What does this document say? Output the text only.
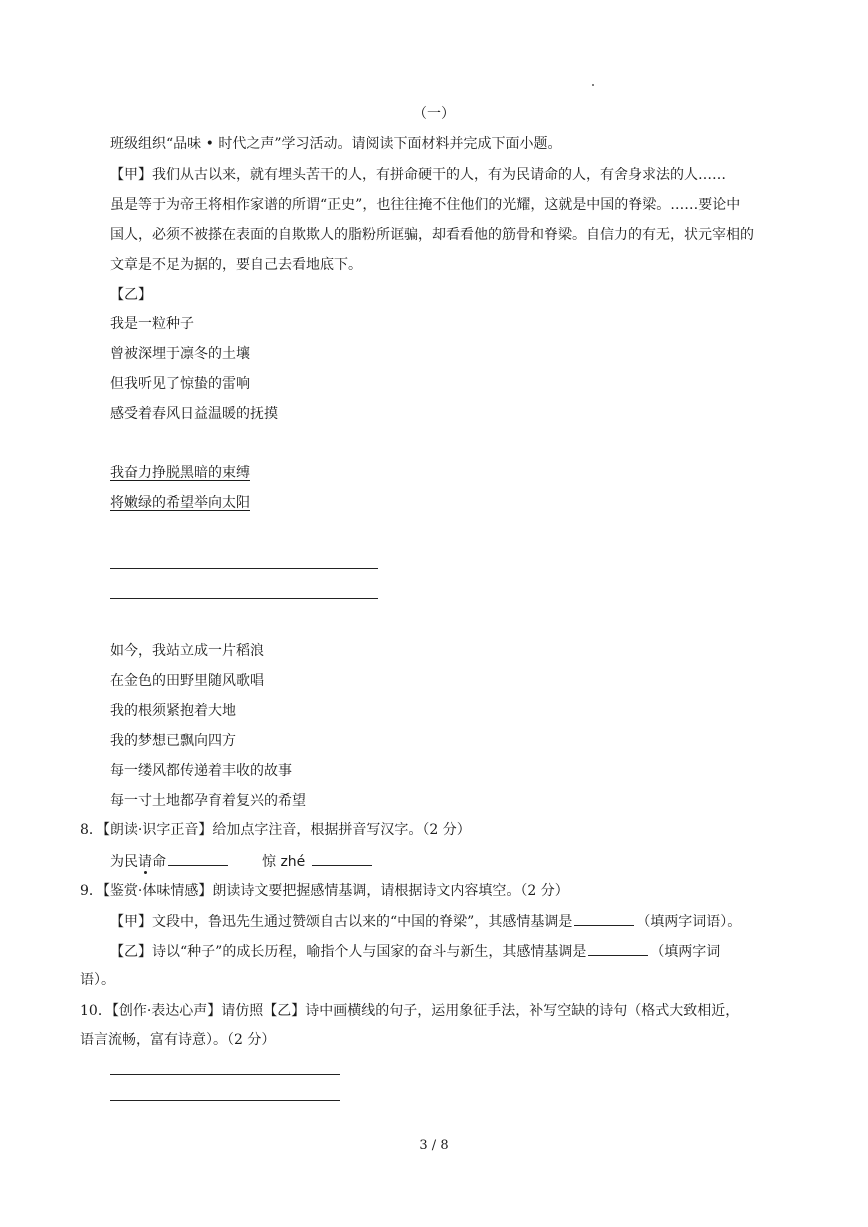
（一）
班级组织“品味 • 时代之声”学习活动。请阅读下面材料并完成下面小题。
【甲】我们从古以来，就有埋头苦干的人，有拼命硬干的人，有为民请命的人，有舍身求法的人……
虽是等于为帝王将相作家谱的所谓“正史”，也往往掩不住他们的光耀，这就是中国的脊梁。……要论中
国人，必须不被搽在表面的自欺欺人的脂粉所诓骗，却看看他的筋骨和脊梁。自信力的有无，状元宰相的
文章是不足为据的，要自己去看地底下。
【乙】
我是一粒种子
曾被深埋于凛冬的土壤
但我听见了惊蛰的雷响
感受着春风日益温暖的抚摸
我奋力挣脱黑暗的束缚
将嫩绿的希望举向太阳
如今，我站立成一片稻浪
在金色的田野里随风歌唱
我的根须紧抱着大地
我的梦想已飘向四方
每一缕风都传递着丰收的故事
每一寸土地都孕育着复兴的希望
8．【朗读·识字正音】给加点字注音，根据拼音写汉字。（2 分）
为民请命	惊 zhé
9．【鉴赏·体味情感】朗读诗文要把握感情基调，请根据诗文内容填空。（2 分）
【甲】文段中，鲁迅先生通过赞颂自古以来的“中国的脊梁”，其感情基调是	（填两字词语）。
【乙】诗以“种子”的成长历程，喻指个人与国家的奋斗与新生，其感情基调是	（填两字词
语）。
10．【创作·表达心声】请仿照【乙】诗中画横线的句子，运用象征手法，补写空缺的诗句（格式大致相近，
语言流畅，富有诗意）。（2 分）
3 / 8
